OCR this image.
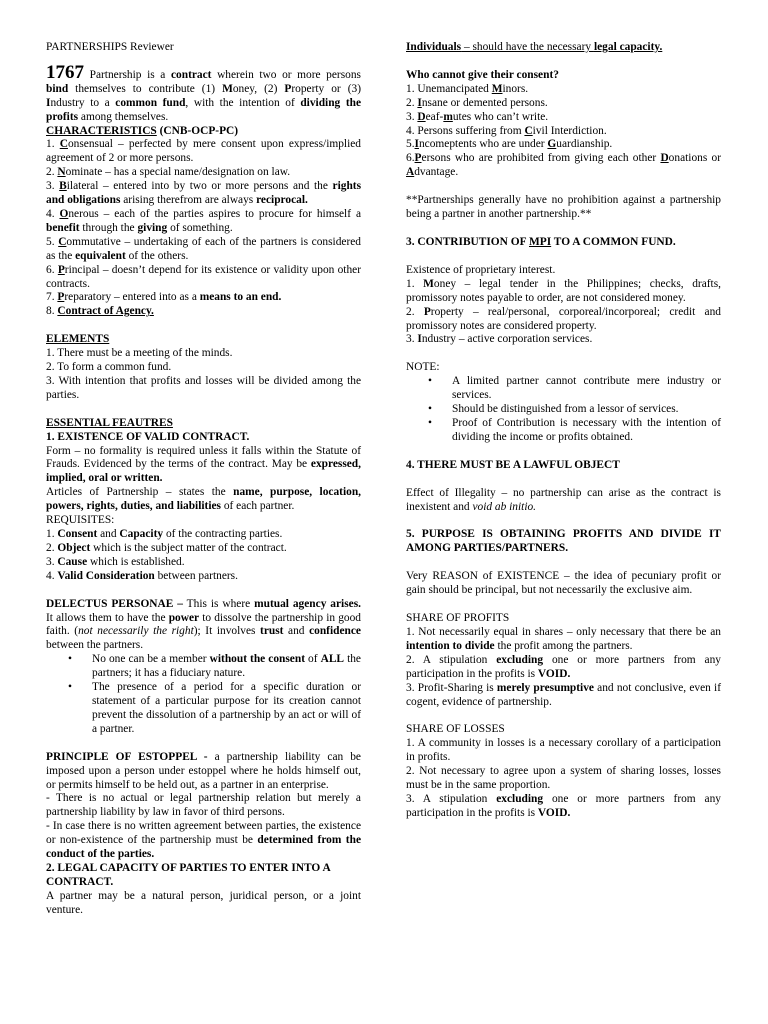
PARTNERSHIPS Reviewer

1767 Partnership is a contract wherein two or more persons bind themselves to contribute (1) Money, (2) Property or (3) Industry to a common fund, with the intention of dividing the profits among themselves.

CHARACTERISTICS (CNB-OCP-PC)

1. Consensual – perfected by mere consent upon express/implied agreement of 2 or more persons.

2. Nominate – has a special name/designation on law.

3. Bilateral – entered into by two or more persons and the rights and obligations arising therefrom are always reciprocal.

4. Onerous – each of the parties aspires to procure for himself a benefit through the giving of something.

5. Commutative – undertaking of each of the partners is considered as the equivalent of the others.

6. Principal – doesn’t depend for its existence or validity upon other contracts.

7. Preparatory – entered into as a means to an end.

8. Contract of Agency.

ELEMENTS

1. There must be a meeting of the minds.

2. To form a common fund.

3. With intention that profits and losses will be divided among the parties.

ESSENTIAL FEAUTRES

1. EXISTENCE OF VALID CONTRACT.

Form – no formality is required unless it falls within the Statute of Frauds. Evidenced by the terms of the contract. May be expressed, implied, oral or written.

Articles of Partnership – states the name, purpose, location, powers, rights, duties, and liabilities of each partner.

REQUISITES:

1. Consent and Capacity of the contracting parties.

2. Object which is the subject matter of the contract.

3. Cause which is established.

4. Valid Consideration between partners.

DELECTUS PERSONAE – This is where mutual agency arises. It allows them to have the power to dissolve the partnership in good faith. (not necessarily the right); It involves trust and confidence between the partners.

• No one can be a member without the consent of ALL the partners; it has a fiduciary nature.
• The presence of a period for a specific duration or statement of a particular purpose for its creation cannot prevent the dissolution of a partnership by an act or will of a partner.

PRINCIPLE OF ESTOPPEL - a partnership liability can be imposed upon a person under estoppel where he holds himself out, or permits himself to be held out, as a partner in an enterprise.

- There is no actual or legal partnership relation but merely a partnership liability by law in favor of third persons.

- In case there is no written agreement between parties, the existence or non-existence of the partnership must be determined from the conduct of the parties.

2. LEGAL CAPACITY OF PARTIES TO ENTER INTO A CONTRACT.

A partner may be a natural person, juridical person, or a joint venture.

Individuals – should have the necessary legal capacity.

Who cannot give their consent?

1. Unemancipated Minors.

2. Insane or demented persons.

3. Deaf-mutes who can’t write.

4. Persons suffering from Civil Interdiction.

5.Incomeptents who are under Guardianship.

6.Persons who are prohibited from giving each other Donations or Advantage.

**Partnerships generally have no prohibition against a partnership being a partner in another partnership.**

3. CONTRIBUTION OF MPI TO A COMMON FUND.

Existence of proprietary interest.

1. Money – legal tender in the Philippines; checks, drafts, promissory notes payable to order, are not considered money.

2. Property – real/personal, corporeal/incorporeal; credit and promissory notes are considered property.

3. Industry – active corporation services.

NOTE:

• A limited partner cannot contribute mere industry or services.
• Should be distinguished from a lessor of services.
• Proof of Contribution is necessary with the intention of dividing the income or profits obtained.

4. THERE MUST BE A LAWFUL OBJECT

Effect of Illegality – no partnership can arise as the contract is inexistent and void ab initio.

5. PURPOSE IS OBTAINING PROFITS AND DIVIDE IT AMONG PARTIES/PARTNERS.

Very REASON of EXISTENCE – the idea of pecuniary profit or gain should be principal, but not necessarily the exclusive aim.

SHARE OF PROFITS

1. Not necessarily equal in shares – only necessary that there be an intention to divide the profit among the partners.

2. A stipulation excluding one or more partners from any participation in the profits is VOID.

3. Profit-Sharing is merely presumptive and not conclusive, even if cogent, evidence of partnership.

SHARE OF LOSSES

1. A community in losses is a necessary corollary of a participation in profits.

2. Not necessary to agree upon a system of sharing losses, losses must be in the same proportion.

3. A stipulation excluding one or more partners from any participation in the profits is VOID.
